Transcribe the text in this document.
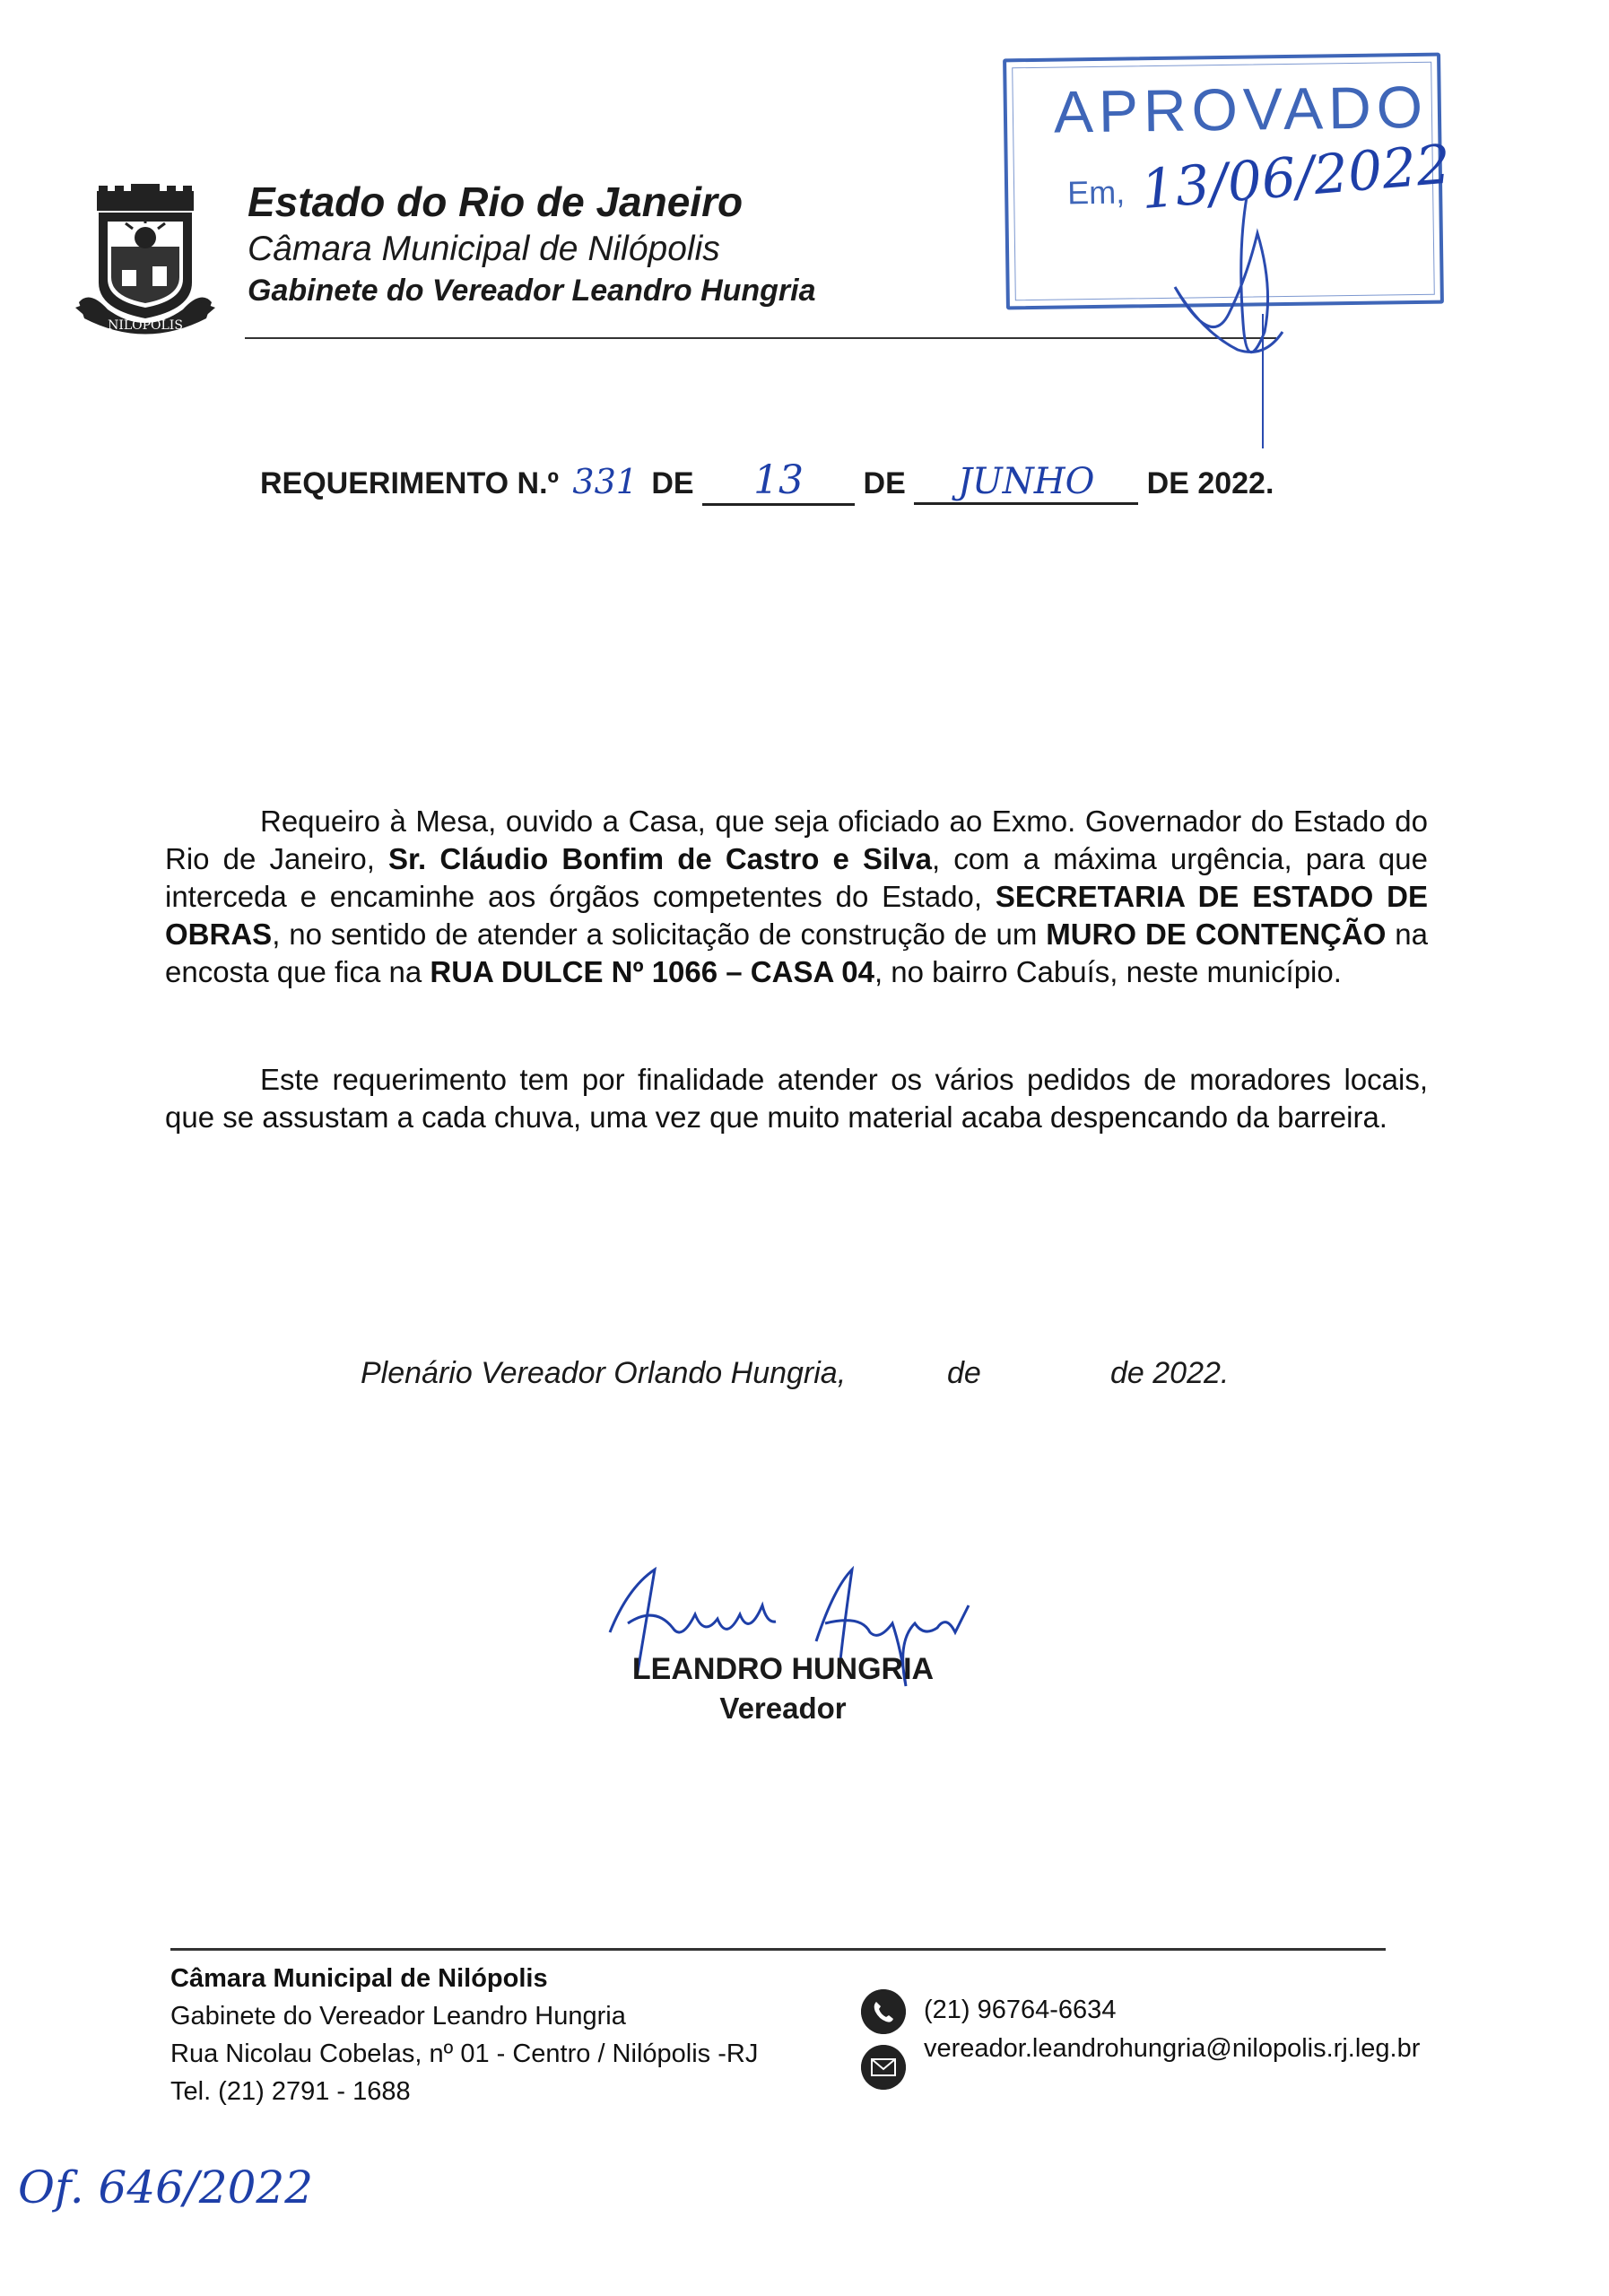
NILÓPOLIS
Estado do Rio de Janeiro
Câmara Municipal de Nilópolis
Gabinete do Vereador Leandro Hungria
APROVADO
Em, 13/06/2022
REQUERIMENTO N.º 331 DE 13 DE JUNHO DE 2022.
Requeiro à Mesa, ouvido a Casa, que seja oficiado ao Exmo. Governador do Estado do Rio de Janeiro, Sr. Cláudio Bonfim de Castro e Silva, com a máxima urgência, para que interceda e encaminhe aos órgãos competentes do Estado, SECRETARIA DE ESTADO DE OBRAS, no sentido de atender a solicitação de construção de um MURO DE CONTENÇÃO na encosta que fica na RUA DULCE Nº 1066 – CASA 04, no bairro Cabuís, neste município.
Este requerimento tem por finalidade atender os vários pedidos de moradores locais, que se assustam a cada chuva, uma vez que muito material acaba despencando da barreira.
Plenário Vereador Orlando Hungria,	de	de 2022.
LEANDRO HUNGRIA
Vereador
Câmara Municipal de Nilópolis
Gabinete do Vereador Leandro Hungria
Rua Nicolau Cobelas, nº 01 - Centro / Nilópolis -RJ
Tel. (21) 2791 - 1688
(21) 96764-6634
vereador.leandrohungria@nilopolis.rj.leg.br
Of. 646/2022
